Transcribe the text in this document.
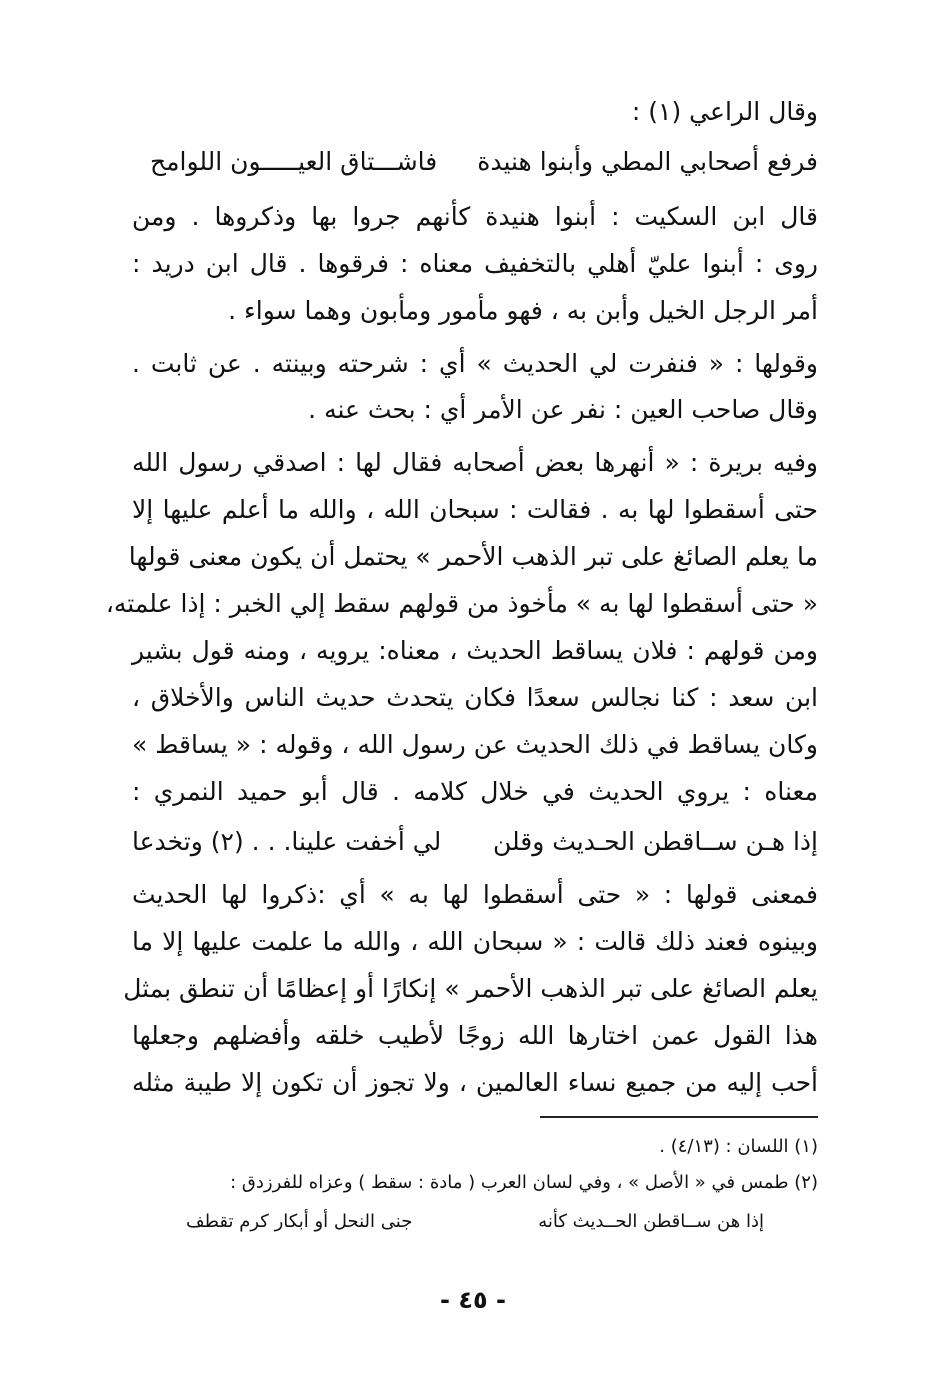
وقال الراعي (١) :
فرفع أصحابي المطي وأبنوا هنيدة
فاشـــتاق العيـــــون اللوامح
قال ابن السكيت : أبنوا هنيدة كأنهم جروا بها وذكروها . ومن
روى : أبنوا عليّ أهلي بالتخفيف معناه : فرقوها . قال ابن دريد :
أمر الرجل الخيل وأبن به ، فهو مأمور ومأبون وهما سواء .
وقولها : « فنفرت لي الحديث » أي : شرحته وبينته . عن ثابت .
وقال صاحب العين : نفر عن الأمر أي : بحث عنه .
وفيه بريرة : « أنهرها بعض أصحابه فقال لها : اصدقي رسول الله
حتى أسقطوا لها به . فقالت : سبحان الله ، والله ما أعلم عليها إلا
ما يعلم الصائغ على تبر الذهب الأحمر » يحتمل أن يكون معنى قولها
« حتى أسقطوا لها به » مأخوذ من قولهم سقط إلي الخبر : إذا علمته،
ومن قولهم : فلان يساقط الحديث ، معناه: يرويه ، ومنه قول بشير
ابن سعد : كنا نجالس سعدًا فكان يتحدث حديث الناس والأخلاق ،
وكان يساقط في ذلك الحديث عن رسول الله ، وقوله : « يساقط »
معناه : يروي الحديث في خلال كلامه . قال أبو حميد النمري :
إذا هـن ســاقطن الحـديث وقلن
لي أخفت علينا. . . (٢) وتخدعا
فمعنى قولها : « حتى أسقطوا لها به » أي :ذكروا لها الحديث
وبينوه فعند ذلك قالت : « سبحان الله ، والله ما علمت عليها إلا ما
يعلم الصائغ على تبر الذهب الأحمر » إنكارًا أو إعظامًا أن تنطق بمثل
هذا القول عمن اختارها الله زوجًا لأطيب خلقه وأفضلهم وجعلها
أحب إليه من جميع نساء العالمين ، ولا تجوز أن تكون إلا طيبة مثله
(١) اللسان : (٤/١٣) .
(٢) طمس في « الأصل » ، وفي لسان العرب ( مادة : سقط ) وعزاه للفرزدق :
إذا هن ســاقطن الحــديث كأنه
جنى النحل أو أبكار كرم تقطف
- ٤٥ -
